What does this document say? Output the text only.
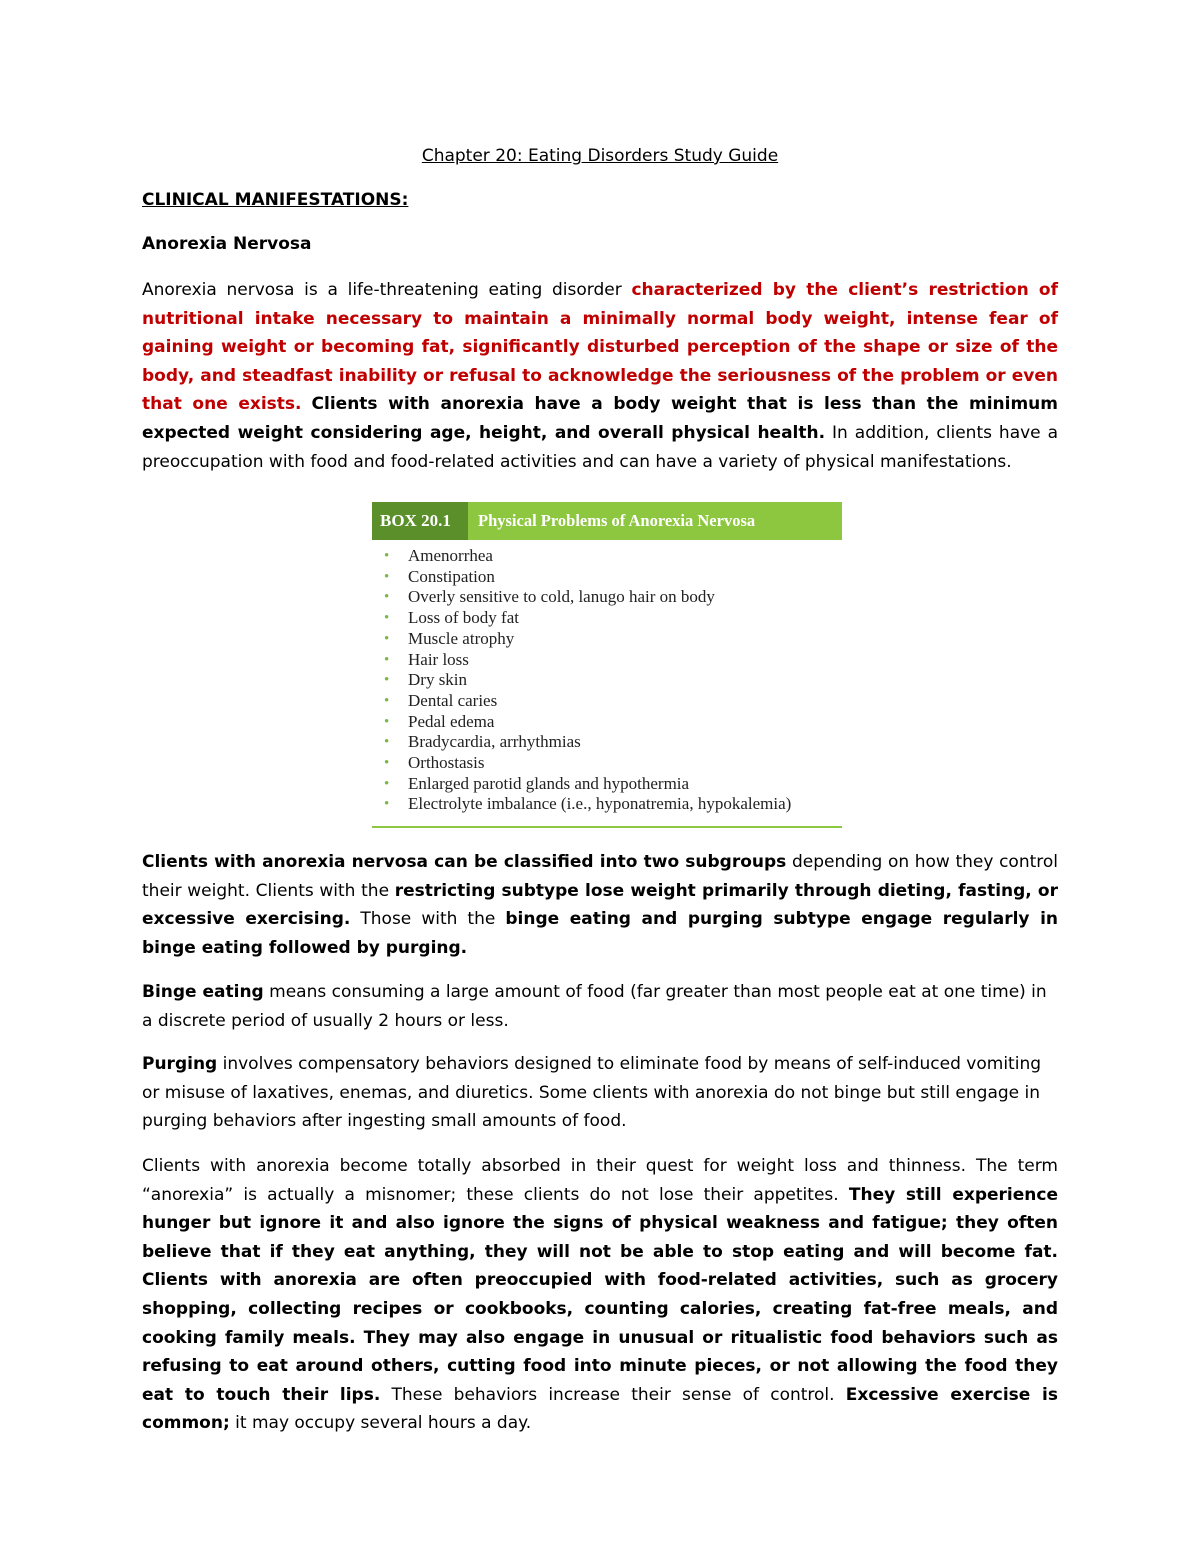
Chapter 20: Eating Disorders Study Guide
CLINICAL MANIFESTATIONS:
Anorexia Nervosa

Anorexia nervosa is a life-threatening eating disorder characterized by the client’s restriction of nutritional intake necessary to maintain a minimally normal body weight, intense fear of gaining weight or becoming fat, significantly disturbed perception of the shape or size of the body, and steadfast inability or refusal to acknowledge the seriousness of the problem or even that one exists. Clients with anorexia have a body weight that is less than the minimum expected weight considering age, height, and overall physical health. In addition, clients have a preoccupation with food and food-related activities and can have a variety of physical manifestations.

BOX 20.1	Physical Problems of Anorexia Nervosa
• Amenorrhea
• Constipation
• Overly sensitive to cold, lanugo hair on body
• Loss of body fat
• Muscle atrophy
• Hair loss
• Dry skin
• Dental caries
• Pedal edema
• Bradycardia, arrhythmias
• Orthostasis
• Enlarged parotid glands and hypothermia
• Electrolyte imbalance (i.e., hyponatremia, hypokalemia)

Clients with anorexia nervosa can be classified into two subgroups depending on how they control their weight. Clients with the restricting subtype lose weight primarily through dieting, fasting, or excessive exercising. Those with the binge eating and purging subtype engage regularly in binge eating followed by purging.

Binge eating means consuming a large amount of food (far greater than most people eat at one time) in a discrete period of usually 2 hours or less.

Purging involves compensatory behaviors designed to eliminate food by means of self-induced vomiting or misuse of laxatives, enemas, and diuretics. Some clients with anorexia do not binge but still engage in purging behaviors after ingesting small amounts of food.

Clients with anorexia become totally absorbed in their quest for weight loss and thinness. The term “anorexia” is actually a misnomer; these clients do not lose their appetites. They still experience hunger but ignore it and also ignore the signs of physical weakness and fatigue; they often believe that if they eat anything, they will not be able to stop eating and will become fat. Clients with anorexia are often preoccupied with food-related activities, such as grocery shopping, collecting recipes or cookbooks, counting calories, creating fat-free meals, and cooking family meals. They may also engage in unusual or ritualistic food behaviors such as refusing to eat around others, cutting food into minute pieces, or not allowing the food they eat to touch their lips. These behaviors increase their sense of control. Excessive exercise is common; it may occupy several hours a day.
